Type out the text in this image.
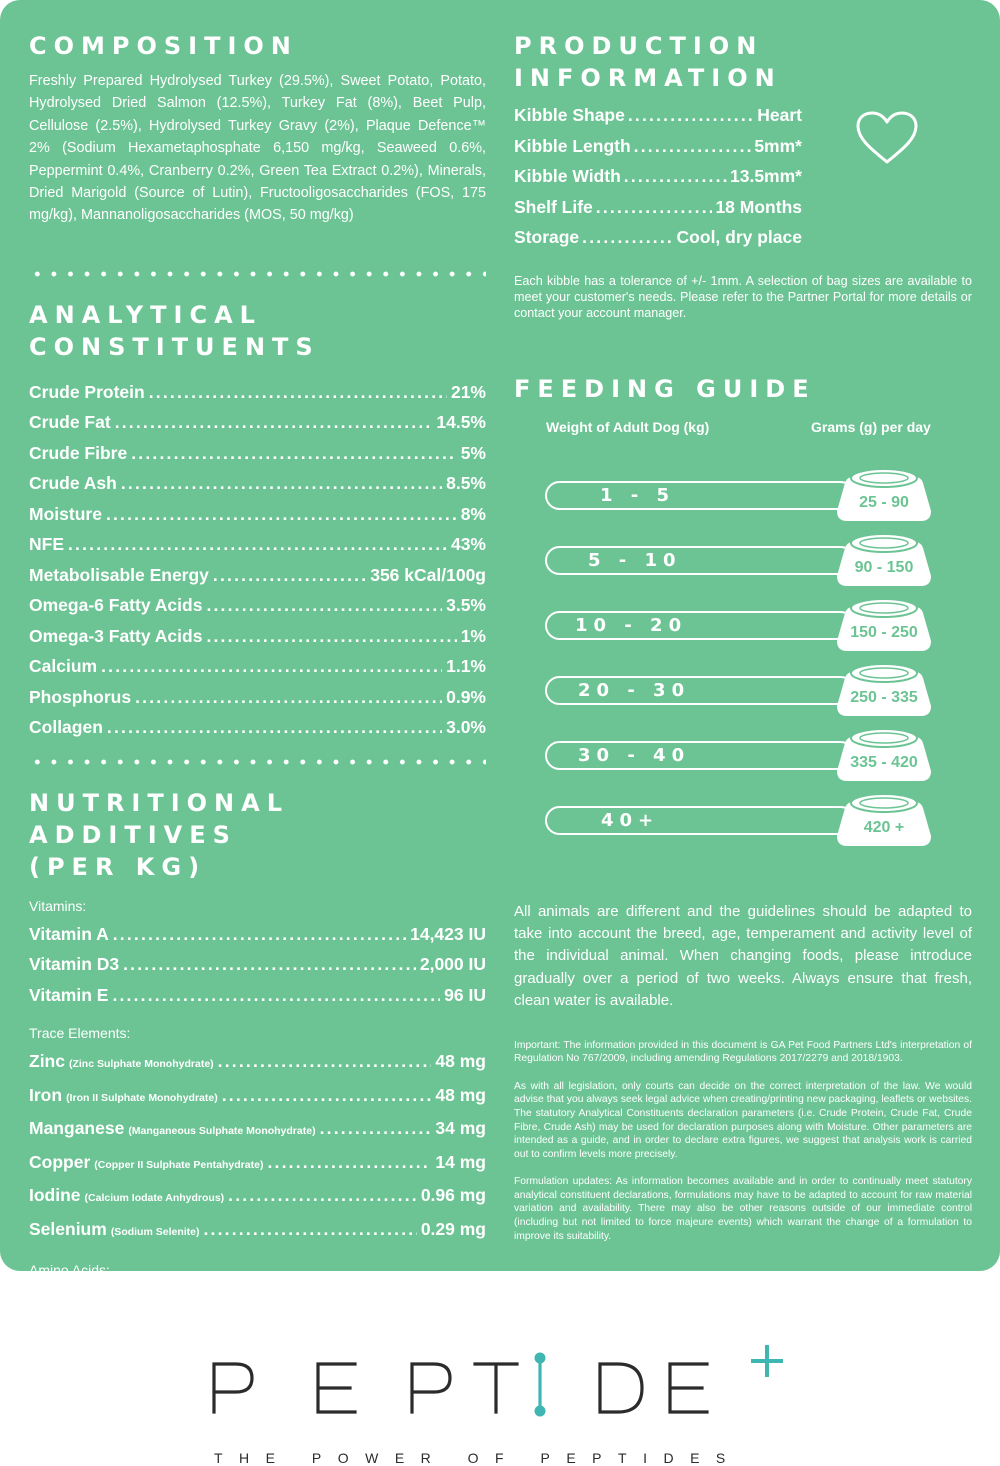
COMPOSITION

Freshly Prepared Hydrolysed Turkey (29.5%), Sweet Potato, Potato, Hydrolysed Dried Salmon (12.5%), Turkey Fat (8%), Beet Pulp, Cellulose (2.5%), Hydrolysed Turkey Gravy (2%), Plaque Defence™ 2% (Sodium Hexametaphosphate 6,150 mg/kg, Seaweed 0.6%, Peppermint 0.4%, Cranberry 0.2%, Green Tea Extract 0.2%), Minerals, Dried Marigold (Source of Lutin), Fructooligosaccharides (FOS, 175 mg/kg), Mannanoligosaccharides (MOS, 50 mg/kg)

ANALYTICAL
CONSTITUENTS
Crude Protein .....	21%
Crude Fat .....	14.5%
Crude Fibre .....	5%
Crude Ash .....	8.5%
Moisture .....	8%
NFE .....	43%
Metabolisable Energy .....	356 kCal/100g
Omega-6 Fatty Acids .....	3.5%
Omega-3 Fatty Acids .....	1%
Calcium .....	1.1%
Phosphorus .....	0.9%
Collagen .....	3.0%
NUTRITIONAL ADDITIVES
(PER KG)
Vitamins:
Vitamin A .....	14,423 IU
Vitamin D3 .....	2,000 IU
Vitamin E .....	96 IU
Trace Elements:
Zinc (Zinc Sulphate Monohydrate) .....	48 mg
Iron (Iron II Sulphate Monohydrate) .....	48 mg
Manganese (Manganeous Sulphate Monohydrate) .....	34 mg
Copper (Copper II Sulphate Pentahydrate) .....	14 mg
Iodine (Calcium Iodate Anhydrous) .....	0.96 mg
Selenium (Sodium Selenite) .....	0.29 mg
Amino Acids:
Methionine .....	1,809 mg
PRODUCTION
INFORMATION
Kibble Shape .....	Heart
Kibble Length .....	5mm*
Kibble Width .....	13.5mm*
Shelf Life .....	18 Months
Storage .....	Cool, dry place

Each kibble has a tolerance of +/- 1mm. A selection of bag sizes are available to meet your customer's needs. Please refer to the Partner Portal for more details or contact your account manager.

FEEDING GUIDE
Weight of Adult Dog (kg)	Grams (g) per day
1 - 5	25 - 90
5 - 10	90 - 150
10 - 20	150 - 250
20 - 30	250 - 335
30 - 40	335 - 420
40+	420 +

All animals are different and the guidelines should be adapted to take into account the breed, age, temperament and activity level of the individual animal. When changing foods, please introduce gradually over a period of two weeks. Always ensure that fresh, clean water is available.

Important: The information provided in this document is GA Pet Food Partners Ltd's interpretation of Regulation No 767/2009, including amending Regulations 2017/2279 and 2018/1903.

As with all legislation, only courts can decide on the correct interpretation of the law. We would advise that you always seek legal advice when creating/printing new packaging, leaflets or websites. The statutory Analytical Constituents declaration parameters (i.e. Crude Protein, Crude Fat, Crude Fibre, Crude Ash) may be used for declaration purposes along with Moisture. Other parameters are intended as a guide, and in order to declare extra figures, we suggest that analysis work is carried out to confirm levels more precisely.

Formulation updates: As information becomes available and in order to continually meet statutory analytical constituent declarations, formulations may have to be adapted to account for raw material variation and availability. There may also be other reasons outside of our immediate control (including but not limited to force majeure events) which warrant the change of a formulation to improve its suitability.

THE POWER OF PEPTIDES
